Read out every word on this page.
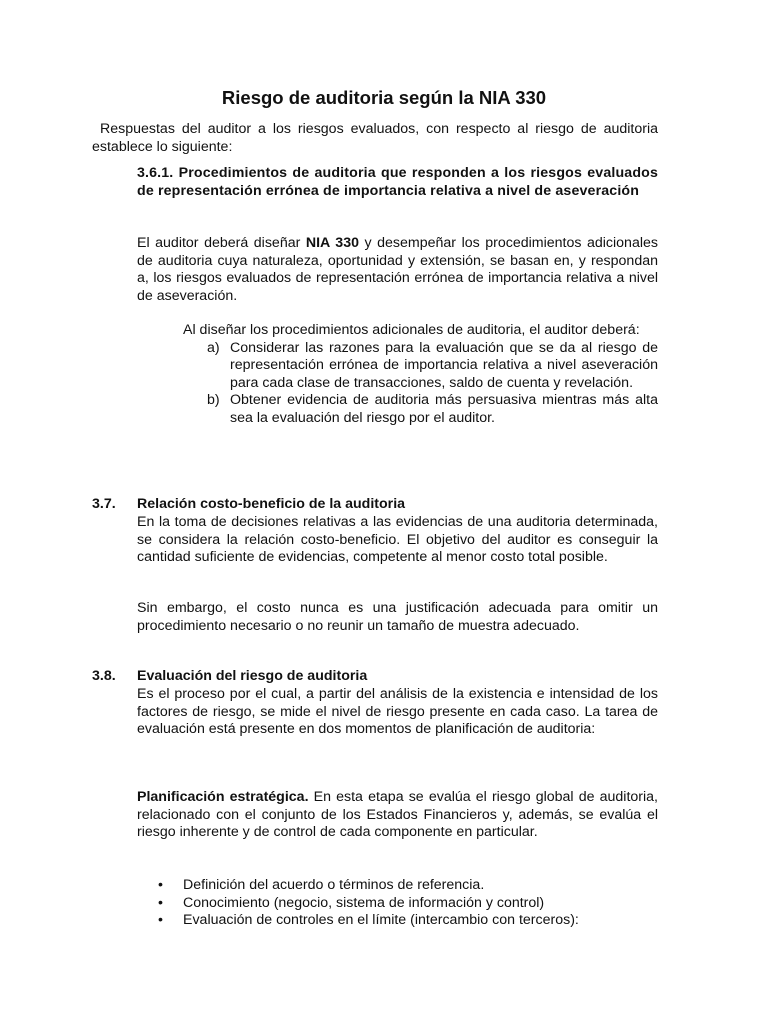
Riesgo de auditoria según la NIA 330
Respuestas del auditor a los riesgos evaluados, con respecto al riesgo de auditoria establece lo siguiente:
3.6.1. Procedimientos de auditoria que responden a los riesgos evaluados de representación errónea de importancia relativa a nivel de aseveración
El auditor deberá diseñar NIA 330 y desempeñar los procedimientos adicionales de auditoria cuya naturaleza, oportunidad y extensión, se basan en, y respondan a, los riesgos evaluados de representación errónea de importancia relativa a nivel de aseveración.
Al diseñar los procedimientos adicionales de auditoria, el auditor deberá:
a) Considerar las razones para la evaluación que se da al riesgo de representación errónea de importancia relativa a nivel aseveración para cada clase de transacciones, saldo de cuenta y revelación.
b) Obtener evidencia de auditoria más persuasiva mientras más alta sea la evaluación del riesgo por el auditor.
3.7. Relación costo-beneficio de la auditoria
En la toma de decisiones relativas a las evidencias de una auditoria determinada, se considera la relación costo-beneficio. El objetivo del auditor es conseguir la cantidad suficiente de evidencias, competente al menor costo total posible.
Sin embargo, el costo nunca es una justificación adecuada para omitir un procedimiento necesario o no reunir un tamaño de muestra adecuado.
3.8. Evaluación del riesgo de auditoria
Es el proceso por el cual, a partir del análisis de la existencia e intensidad de los factores de riesgo, se mide el nivel de riesgo presente en cada caso. La tarea de evaluación está presente en dos momentos de planificación de auditoria:
Planificación estratégica. En esta etapa se evalúa el riesgo global de auditoria, relacionado con el conjunto de los Estados Financieros y, además, se evalúa el riesgo inherente y de control de cada componente en particular.
• Definición del acuerdo o términos de referencia.
• Conocimiento (negocio, sistema de información y control)
• Evaluación de controles en el límite (intercambio con terceros):
